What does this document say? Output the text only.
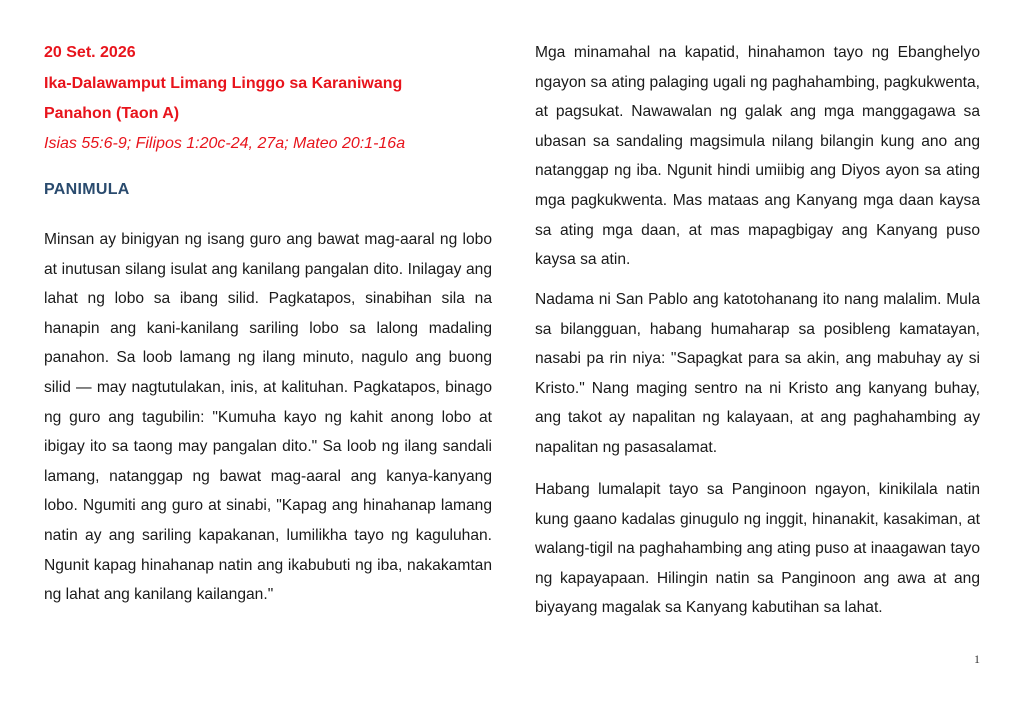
20 Set. 2026
Ika-Dalawamput Limang Linggo sa Karaniwang
Panahon (Taon A)
Isias 55:6-9; Filipos 1:20c-24, 27a; Mateo 20:1-16a
PANIMULA

Minsan ay binigyan ng isang guro ang bawat mag-aaral ng lobo at inutusan silang isulat ang kanilang pangalan dito. Inilagay ang lahat ng lobo sa ibang silid. Pagkatapos, sinabihan sila na hanapin ang kani-kanilang sariling lobo sa lalong madaling panahon. Sa loob lamang ng ilang minuto, nagulo ang buong silid — may nagtutulakan, inis, at kalituhan. Pagkatapos, binago ng guro ang tagubilin: "Kumuha kayo ng kahit anong lobo at ibigay ito sa taong may pangalan dito." Sa loob ng ilang sandali lamang, natanggap ng bawat mag-aaral ang kanya-kanyang lobo. Ngumiti ang guro at sinabi, "Kapag ang hinahanap lamang natin ay ang sariling kapakanan, lumilikha tayo ng kaguluhan. Ngunit kapag hinahanap natin ang ikabubuti ng iba, nakakamtan ng lahat ang kanilang kailangan."

Mga minamahal na kapatid, hinahamon tayo ng Ebanghelyo ngayon sa ating palaging ugali ng paghahambing, pagkukwenta, at pagsukat. Nawawalan ng galak ang mga manggagawa sa ubasan sa sandaling magsimula nilang bilangin kung ano ang natanggap ng iba. Ngunit hindi umiibig ang Diyos ayon sa ating mga pagkukwenta. Mas mataas ang Kanyang mga daan kaysa sa ating mga daan, at mas mapagbigay ang Kanyang puso kaysa sa atin.

Nadama ni San Pablo ang katotohanang ito nang malalim. Mula sa bilangguan, habang humaharap sa posibleng kamatayan, nasabi pa rin niya: "Sapagkat para sa akin, ang mabuhay ay si Kristo." Nang maging sentro na ni Kristo ang kanyang buhay, ang takot ay napalitan ng kalayaan, at ang paghahambing ay napalitan ng pasasalamat.

Habang lumalapit tayo sa Panginoon ngayon, kinikilala natin kung gaano kadalas ginugulo ng inggit, hinanakit, kasakiman, at walang-tigil na paghahambing ang ating puso at inaagawan tayo ng kapayapaan. Hilingin natin sa Panginoon ang awa at ang biyayang magalak sa Kanyang kabutihan sa lahat.

1
